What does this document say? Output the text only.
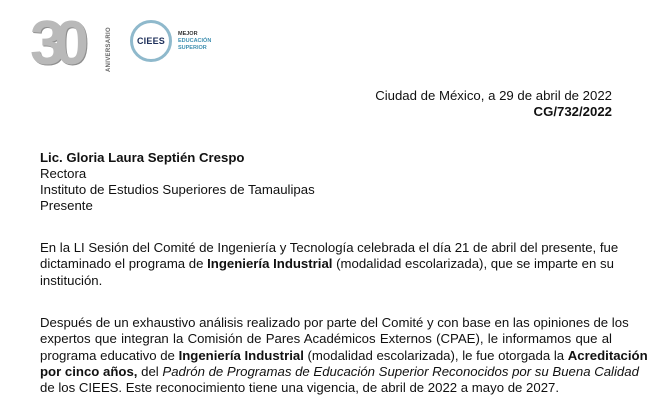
30	ANIVERSARIO	CIEES
MEJOR
EDUCACIÓN
SUPERIOR
Ciudad de México, a 29 de abril de 2022
CG/732/2022
Lic. Gloria Laura Septién Crespo
Rectora
Instituto de Estudios Superiores de Tamaulipas
Presente
En la LI Sesión del Comité de Ingeniería y Tecnología celebrada el día 21 de abril del presente, fue
dictaminado el programa de Ingeniería Industrial (modalidad escolarizada), que se imparte en su
institución.
Después de un exhaustivo análisis realizado por parte del Comité y con base en las opiniones de los
expertos que integran la Comisión de Pares Académicos Externos (CPAE), le informamos que al
programa educativo de Ingeniería Industrial (modalidad escolarizada), le fue otorgada la Acreditación
por cinco años, del Padrón de Programas de Educación Superior Reconocidos por su Buena Calidad
de los CIEES. Este reconocimiento tiene una vigencia, de abril de 2022 a mayo de 2027.
